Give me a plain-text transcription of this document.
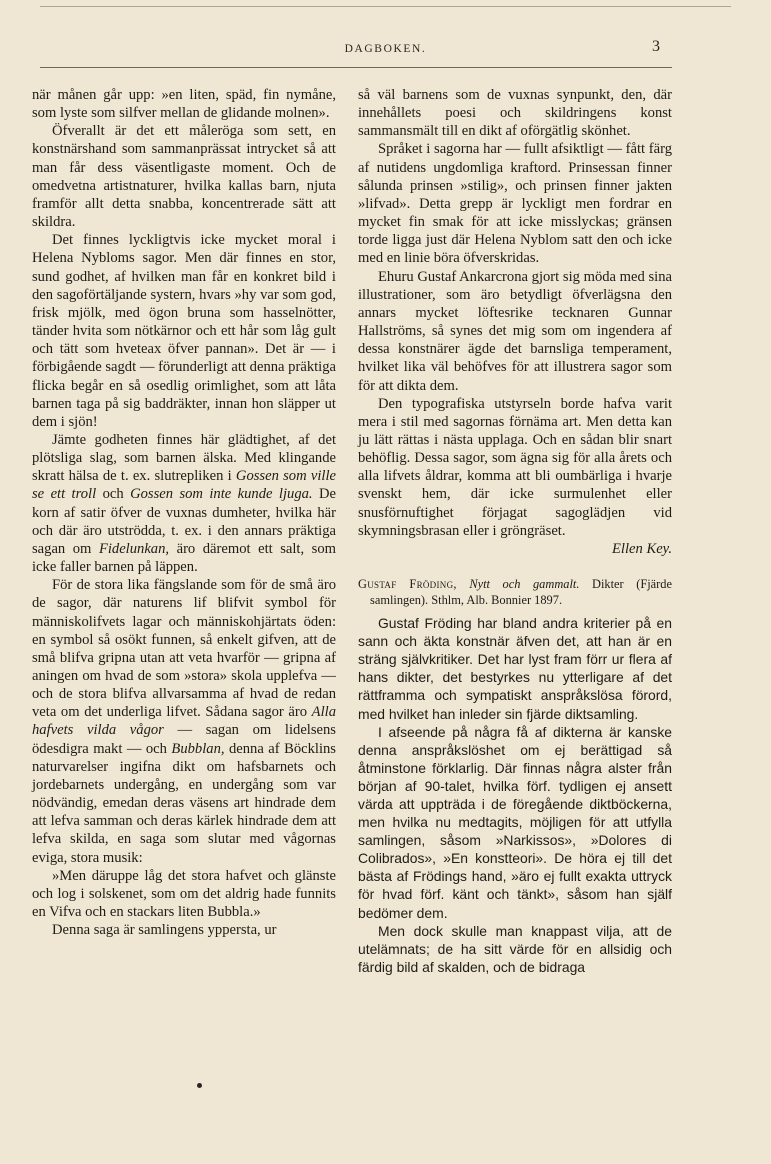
DAGBOKEN.	3

när månen går upp: »en liten, späd, fin nymåne, som lyste som silfver mellan de glidande molnen».

Öfverallt är det ett måleröga som sett, en konstnärshand som sammanprässat intrycket så att man får dess väsentligaste moment. Och de omedvetna artistnaturer, hvilka kallas barn, njuta framför allt detta snabba, koncentrerade sätt att skildra.

Det finnes lyckligtvis icke mycket moral i Helena Nybloms sagor. Men där finnes en stor, sund godhet, af hvilken man får en konkret bild i den sagoförtäljande systern, hvars »hy var som god, frisk mjölk, med ögon bruna som hasselnötter, tänder hvita som nötkärnor och ett hår som låg gult och tätt som hveteax öfver pannan». Det är — i förbigående sagdt — förunderligt att denna präktiga flicka begår en så osedlig orimlighet, som att låta barnen taga på sig baddräkter, innan hon släpper ut dem i sjön!

Jämte godheten finnes här glädtighet, af det plötsliga slag, som barnen älska. Med klingande skratt hälsa de t. ex. slutrepliken i Gossen som ville se ett troll och Gossen som inte kunde ljuga. De korn af satir öfver de vuxnas dumheter, hvilka här och där äro utströdda, t. ex. i den annars präktiga sagan om Fidelunkan, äro däremot ett salt, som icke faller barnen på läppen.

För de stora lika fängslande som för de små äro de sagor, där naturens lif blifvit symbol för människolifvets lagar och människohjärtats öden: en symbol så osökt funnen, så enkelt gifven, att de små blifva gripna utan att veta hvarför — gripna af aningen om hvad de som »stora» skola upplefva — och de stora blifva allvarsamma af hvad de redan veta om det underliga lifvet. Sådana sagor äro Alla hafvets vilda vågor — sagan om lidelsens ödesdigra makt — och Bubblan, denna af Böcklins naturvarelser ingifna dikt om hafsbarnets och jordebarnets undergång, en undergång som var nödvändig, emedan deras väsens art hindrade dem att lefva samman och deras kärlek hindrade dem att lefva skilda, en saga som slutar med vågornas eviga, stora musik:

»Men däruppe låg det stora hafvet och glänste och log i solskenet, som om det aldrig hade funnits en Vifva och en stackars liten Bubbla.»

Denna saga är samlingens yppersta, ur

så väl barnens som de vuxnas synpunkt, den, där innehållets poesi och skildringens konst sammansmält till en dikt af oförgätlig skönhet.

Språket i sagorna har — fullt afsiktligt — fått färg af nutidens ungdomliga kraftord. Prinsessan finner sålunda prinsen »stilig», och prinsen finner jakten »lifvad». Detta grepp är lyckligt men fordrar en mycket fin smak för att icke misslyckas; gränsen torde ligga just där Helena Nyblom satt den och icke med en linie böra öfverskridas.

Ehuru Gustaf Ankarcrona gjort sig möda med sina illustrationer, som äro betydligt öfverlägsna den annars mycket löftesrike tecknaren Gunnar Hallströms, så synes det mig som om ingendera af dessa konstnärer ägde det barnsliga temperament, hvilket lika väl behöfves för att illustrera sagor som för att dikta dem.

Den typografiska utstyrseln borde hafva varit mera i stil med sagornas förnäma art. Men detta kan ju lätt rättas i nästa upplaga. Och en sådan blir snart behöflig. Dessa sagor, som ägna sig för alla årets och alla lifvets åldrar, komma att bli oumbärliga i hvarje svenskt hem, där icke surmulenhet eller snusförnuftighet förjagat sagoglädjen vid skymningsbrasan eller i gröngräset.

Ellen Key.
Gustaf Fröding, Nytt och gammalt. Dikter (Fjärde samlingen). Sthlm, Alb. Bonnier 1897.

Gustaf Fröding har bland andra kriterier på en sann och äkta konstnär äfven det, att han är en sträng självkritiker. Det har lyst fram förr ur flera af hans dikter, det bestyrkes nu ytterligare af det rättframma och sympatiskt anspråkslösa förord, med hvilket han inleder sin fjärde diktsamling.

I afseende på några få af dikterna är kanske denna anspråkslöshet om ej berättigad så åtminstone förklarlig. Där finnas några alster från början af 90-talet, hvilka förf. tydligen ej ansett värda att uppträda i de föregående diktböckerna, men hvilka nu medtagits, möjligen för att utfylla samlingen, såsom »Narkissos», »Dolores di Colibrados», »En konstteori». De höra ej till det bästa af Frödings hand, »äro ej fullt exakta uttryck för hvad förf. känt och tänkt», såsom han själf bedömer dem.

Men dock skulle man knappast vilja, att de utelämnats; de ha sitt värde för en allsidig och färdig bild af skalden, och de bidraga
